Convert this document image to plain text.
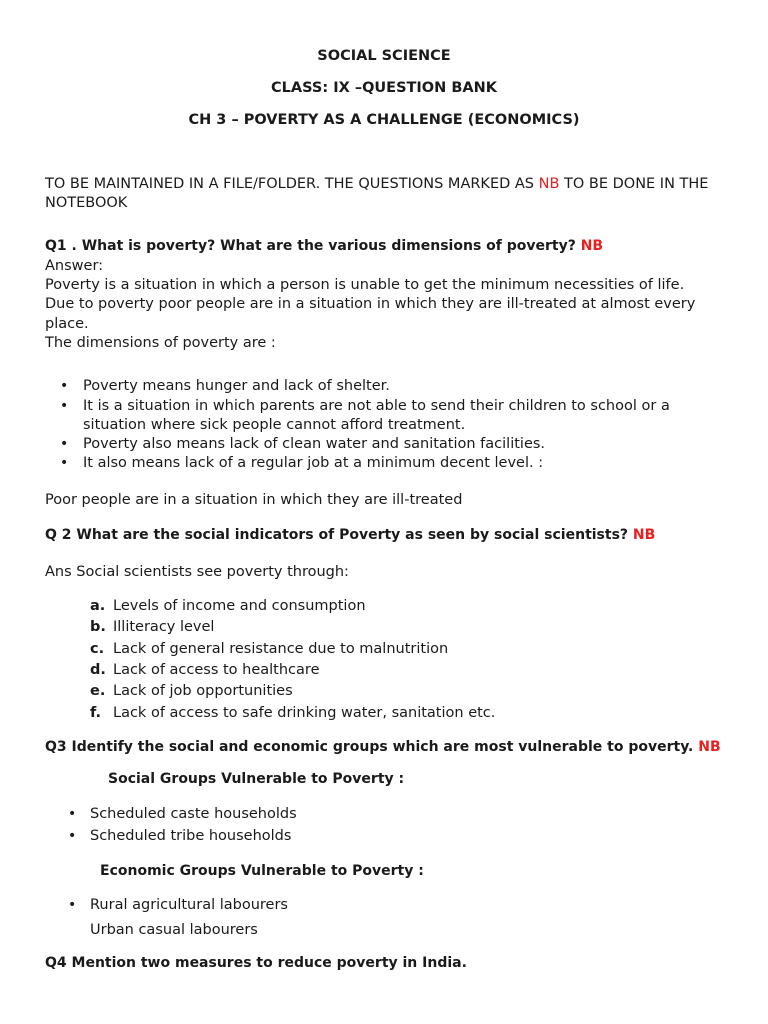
SOCIAL SCIENCE
CLASS: IX –QUESTION BANK
CH 3 – POVERTY AS A CHALLENGE (ECONOMICS)
TO BE MAINTAINED IN A FILE/FOLDER. THE QUESTIONS MARKED AS NB TO BE DONE IN THE
NOTEBOOK
Q1 . What is poverty? What are the various dimensions of poverty? NB
Answer:
Poverty is a situation in which a person is unable to get the minimum necessities of life.
Due to poverty poor people are in a situation in which they are ill-treated at almost every
place.
The dimensions of poverty are :
• Poverty means hunger and lack of shelter.
• It is a situation in which parents are not able to send their children to school or a
situation where sick people cannot afford treatment.
• Poverty also means lack of clean water and sanitation facilities.
• It also means lack of a regular job at a minimum decent level. :
Poor people are in a situation in which they are ill-treated
Q 2 What are the social indicators of Poverty as seen by social scientists? NB
Ans Social scientists see poverty through:
a. Levels of income and consumption
b. Illiteracy level
c. Lack of general resistance due to malnutrition
d. Lack of access to healthcare
e. Lack of job opportunities
f. Lack of access to safe drinking water, sanitation etc.
Q3 Identify the social and economic groups which are most vulnerable to poverty. NB
Social Groups Vulnerable to Poverty :
• Scheduled caste households
• Scheduled tribe households
Economic Groups Vulnerable to Poverty :
• Rural agricultural labourers
Urban casual labourers
Q4 Mention two measures to reduce poverty in India.
